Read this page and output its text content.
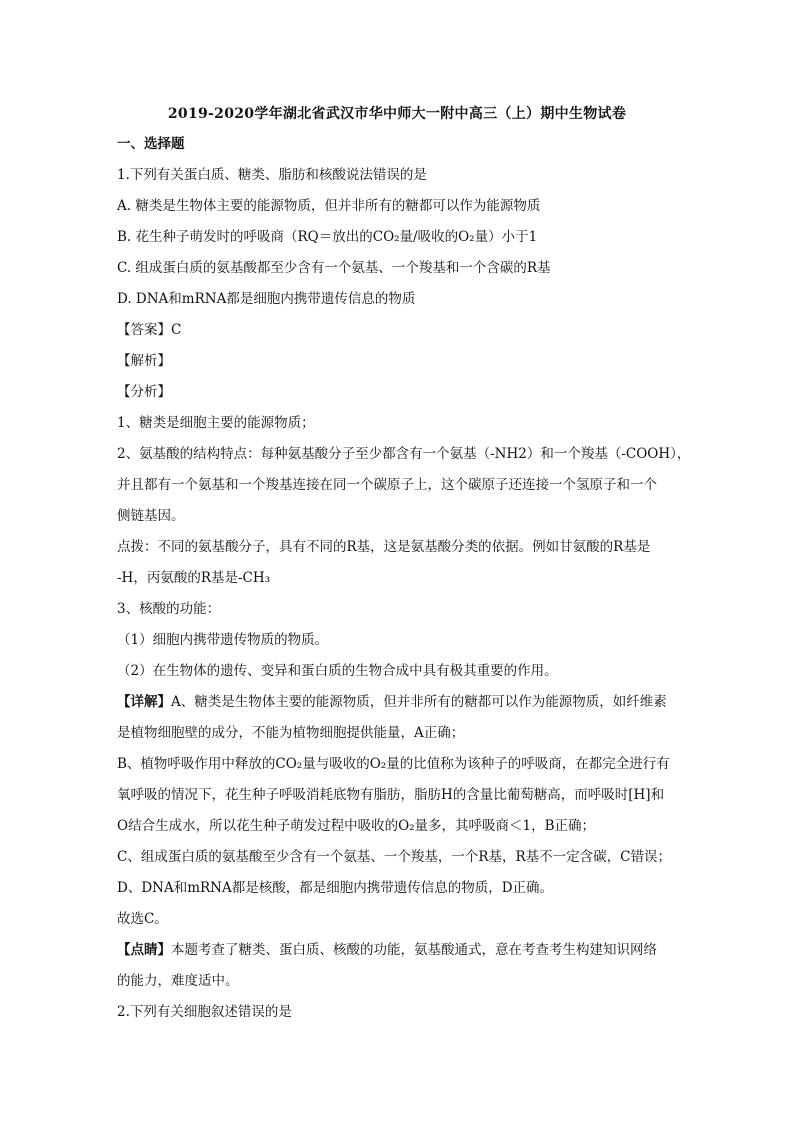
2019-2020学年湖北省武汉市华中师大一附中高三（上）期中生物试卷
一、选择题
1.下列有关蛋白质、糖类、脂肪和核酸说法错误的是
A. 糖类是生物体主要的能源物质，但并非所有的糖都可以作为能源物质
B. 花生种子萌发时的呼吸商（RQ＝放出的CO₂量/吸收的O₂量）小于1
C. 组成蛋白质的氨基酸都至少含有一个氨基、一个羧基和一个含碳的R基
D. DNA和mRNA都是细胞内携带遗传信息的物质
【答案】C
【解析】
【分析】
1、糖类是细胞主要的能源物质；
2、氨基酸的结构特点：每种氨基酸分子至少都含有一个氨基（-NH2）和一个羧基（-COOH），
并且都有一个氨基和一个羧基连接在同一个碳原子上，这个碳原子还连接一个氢原子和一个
侧链基因。
点拨：不同的氨基酸分子，具有不同的R基，这是氨基酸分类的依据。例如甘氨酸的R基是
-H，丙氨酸的R基是-CH₃
3、核酸的功能：
（1）细胞内携带遗传物质的物质。
（2）在生物体的遗传、变异和蛋白质的生物合成中具有极其重要的作用。
【详解】A、糖类是生物体主要的能源物质，但并非所有的糖都可以作为能源物质，如纤维素
是植物细胞壁的成分，不能为植物细胞提供能量，A正确；
B、植物呼吸作用中释放的CO₂量与吸收的O₂量的比值称为该种子的呼吸商，在都完全进行有
氧呼吸的情况下，花生种子呼吸消耗底物有脂肪，脂肪H的含量比葡萄糖高，而呼吸时[H]和
O结合生成水，所以花生种子萌发过程中吸收的O₂量多，其呼吸商＜1，B正确；
C、组成蛋白质的氨基酸至少含有一个氨基、一个羧基，一个R基，R基不一定含碳，C错误；
D、DNA和mRNA都是核酸，都是细胞内携带遗传信息的物质，D正确。
故选C。
【点睛】本题考查了糖类、蛋白质、核酸的功能，氨基酸通式，意在考查考生构建知识网络
的能力，难度适中。
2.下列有关细胞叙述错误的是
